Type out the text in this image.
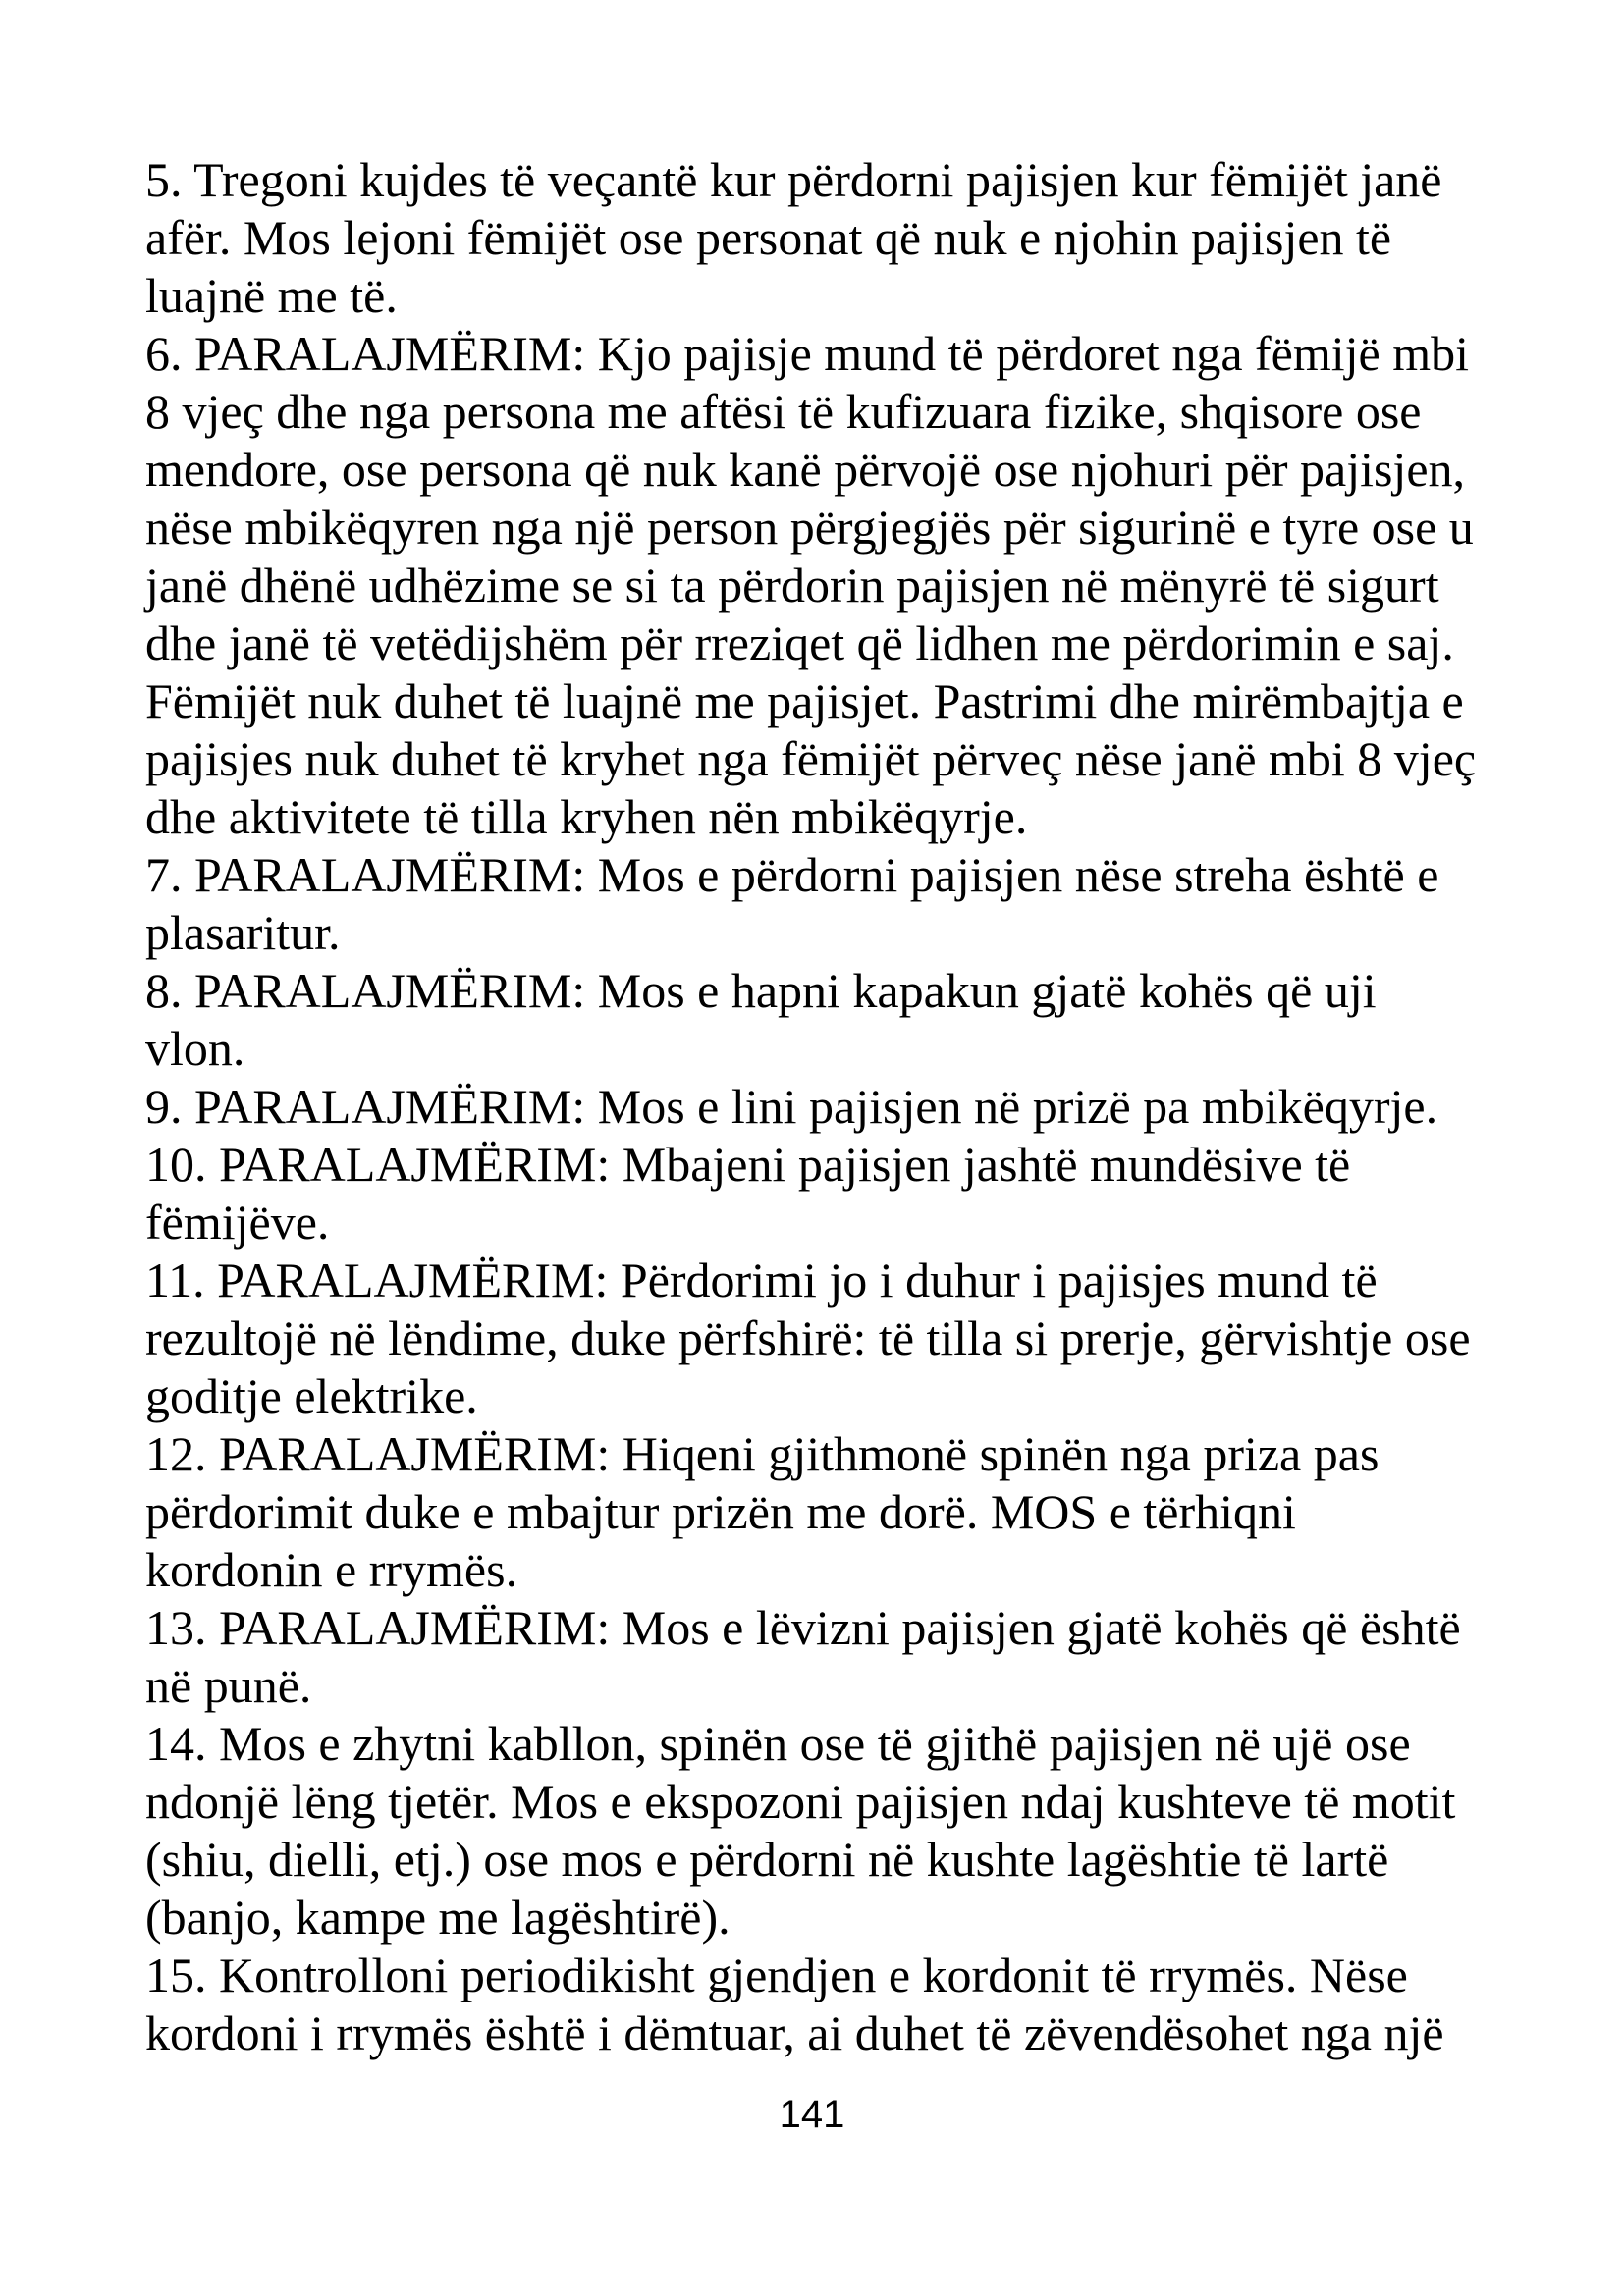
5. Tregoni kujdes të veçantë kur përdorni pajisjen kur fëmijët janë
afër. Mos lejoni fëmijët ose personat që nuk e njohin pajisjen të
luajnë me të.
6. PARALAJMËRIM: Kjo pajisje mund të përdoret nga fëmijë mbi
8 vjeç dhe nga persona me aftësi të kufizuara fizike, shqisore ose
mendore, ose persona që nuk kanë përvojë ose njohuri për pajisjen,
nëse mbikëqyren nga një person përgjegjës për sigurinë e tyre ose u
janë dhënë udhëzime se si ta përdorin pajisjen në mënyrë të sigurt
dhe janë të vetëdijshëm për rreziqet që lidhen me përdorimin e saj.
Fëmijët nuk duhet të luajnë me pajisjet. Pastrimi dhe mirëmbajtja e
pajisjes nuk duhet të kryhet nga fëmijët përveç nëse janë mbi 8 vjeç
dhe aktivitete të tilla kryhen nën mbikëqyrje.
7. PARALAJMËRIM: Mos e përdorni pajisjen nëse streha është e
plasaritur.
8. PARALAJMËRIM: Mos e hapni kapakun gjatë kohës që uji
vlon.
9. PARALAJMËRIM: Mos e lini pajisjen në prizë pa mbikëqyrje.
10. PARALAJMËRIM: Mbajeni pajisjen jashtë mundësive të
fëmijëve.
11. PARALAJMËRIM: Përdorimi jo i duhur i pajisjes mund të
rezultojë në lëndime, duke përfshirë: të tilla si prerje, gërvishtje ose
goditje elektrike.
12. PARALAJMËRIM: Hiqeni gjithmonë spinën nga priza pas
përdorimit duke e mbajtur prizën me dorë. MOS e tërhiqni
kordonin e rrymës.
13. PARALAJMËRIM: Mos e lëvizni pajisjen gjatë kohës që është
në punë.
14. Mos e zhytni kabllon, spinën ose të gjithë pajisjen në ujë ose
ndonjë lëng tjetër. Mos e ekspozoni pajisjen ndaj kushteve të motit
(shiu, dielli, etj.) ose mos e përdorni në kushte lagështie të lartë
(banjo, kampe me lagështirë).
15. Kontrolloni periodikisht gjendjen e kordonit të rrymës. Nëse
kordoni i rrymës është i dëmtuar, ai duhet të zëvendësohet nga një
141
